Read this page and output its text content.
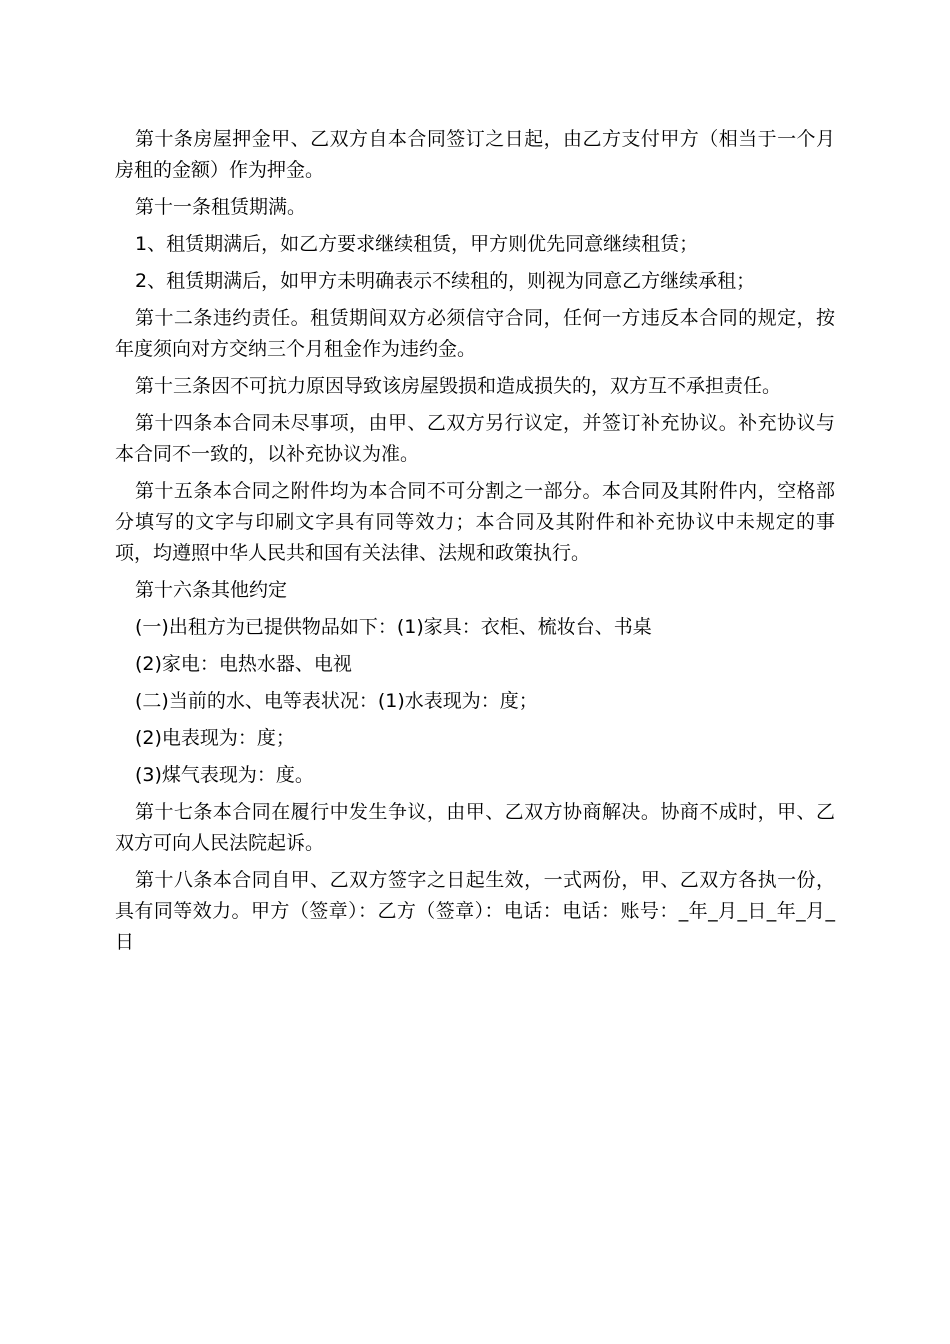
第十条房屋押金甲、乙双方自本合同签订之日起，由乙方支付甲方（相当于一个月房租的金额）作为押金。

第十一条租赁期满。

1、租赁期满后，如乙方要求继续租赁，甲方则优先同意继续租赁；

2、租赁期满后，如甲方未明确表示不续租的，则视为同意乙方继续承租；

第十二条违约责任。租赁期间双方必须信守合同，任何一方违反本合同的规定，按年度须向对方交纳三个月租金作为违约金。

第十三条因不可抗力原因导致该房屋毁损和造成损失的，双方互不承担责任。

第十四条本合同未尽事项，由甲、乙双方另行议定，并签订补充协议。补充协议与本合同不一致的，以补充协议为准。

第十五条本合同之附件均为本合同不可分割之一部分。本合同及其附件内，空格部分填写的文字与印刷文字具有同等效力；本合同及其附件和补充协议中未规定的事项，均遵照中华人民共和国有关法律、法规和政策执行。

第十六条其他约定

(一)出租方为已提供物品如下：(1)家具：衣柜、梳妆台、书桌

(2)家电：电热水器、电视

(二)当前的水、电等表状况：(1)水表现为：度；

(2)电表现为：度；

(3)煤气表现为：度。

第十七条本合同在履行中发生争议，由甲、乙双方协商解决。协商不成时，甲、乙双方可向人民法院起诉。

第十八条本合同自甲、乙双方签字之日起生效，一式两份，甲、乙双方各执一份，具有同等效力。甲方（签章）：乙方（签章）：电话：电话：账号：_年_月_日_年_月_日
